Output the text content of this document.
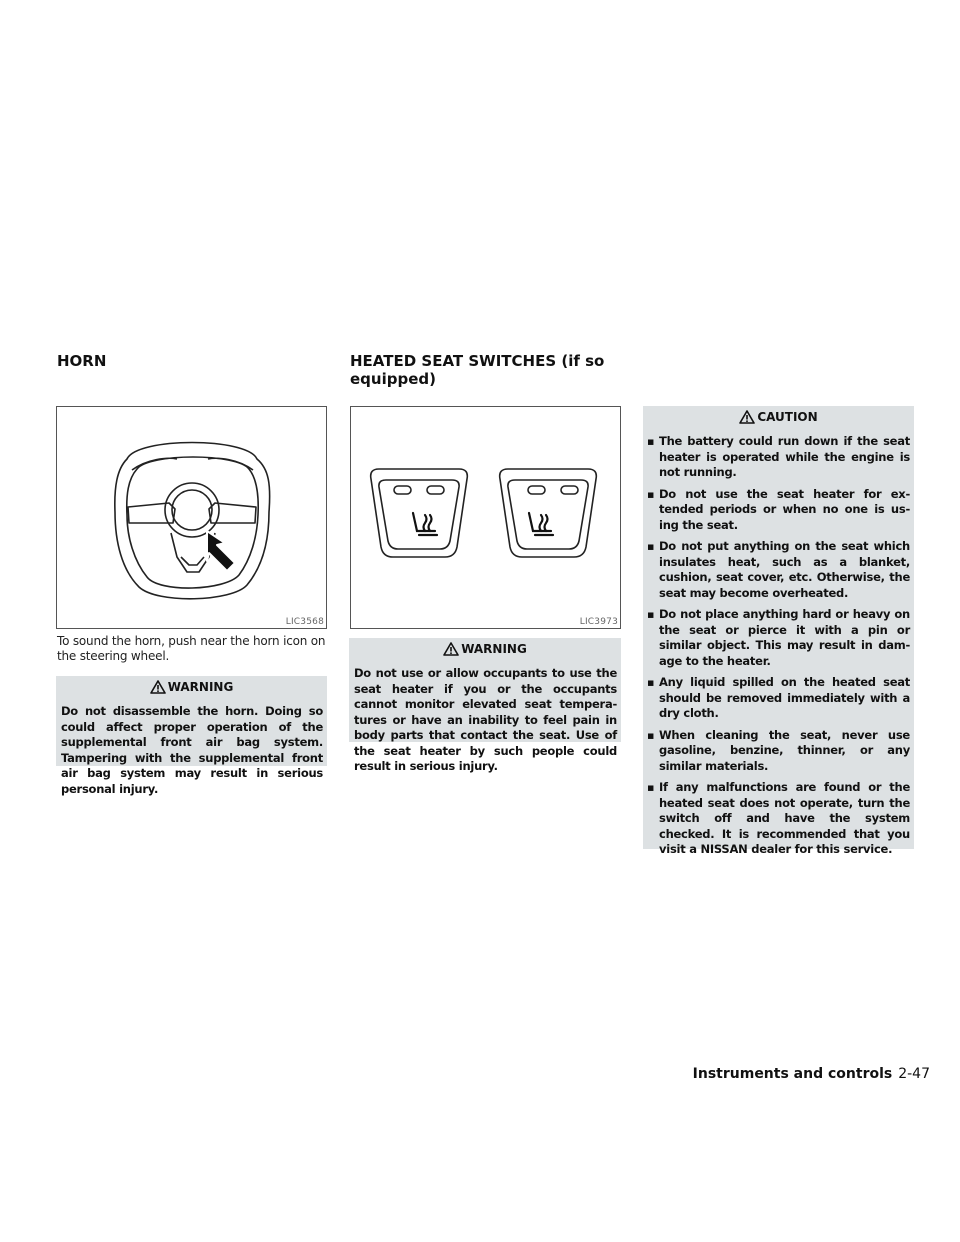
HORN	HEATED SEAT SWITCHES (if so
equipped)
LIC3568	LIC3973

To sound the horn, push near the horn icon on the steering wheel.

WARNING

Do not disassemble the horn. Doing so could affect proper operation of the supplemental front air bag system. Tampering with the supplemental front air bag system may result in serious personal injury.

WARNING

Do not use or allow occupants to use the seat heater if you or the occupants cannot monitor elevated seat tempera-tures or have an inability to feel pain in body parts that contact the seat. Use of the seat heater by such people could result in serious injury.

CAUTION
▪ The battery could run down if the seat heater is operated while the engine is not running.
▪ Do not use the seat heater for ex-tended periods or when no one is us-ing the seat.
▪ Do not put anything on the seat which insulates heat, such as a blanket, cushion, seat cover, etc. Otherwise, the seat may become overheated.
▪ Do not place anything hard or heavy on the seat or pierce it with a pin or similar object. This may result in dam-age to the heater.
▪ Any liquid spilled on the heated seat should be removed immediately with a dry cloth.
▪ When cleaning the seat, never use gasoline, benzine, thinner, or any similar materials.
▪ If any malfunctions are found or the heated seat does not operate, turn the switch off and have the system checked. It is recommended that you visit a NISSAN dealer for this service.
Instruments and controls 2-47
